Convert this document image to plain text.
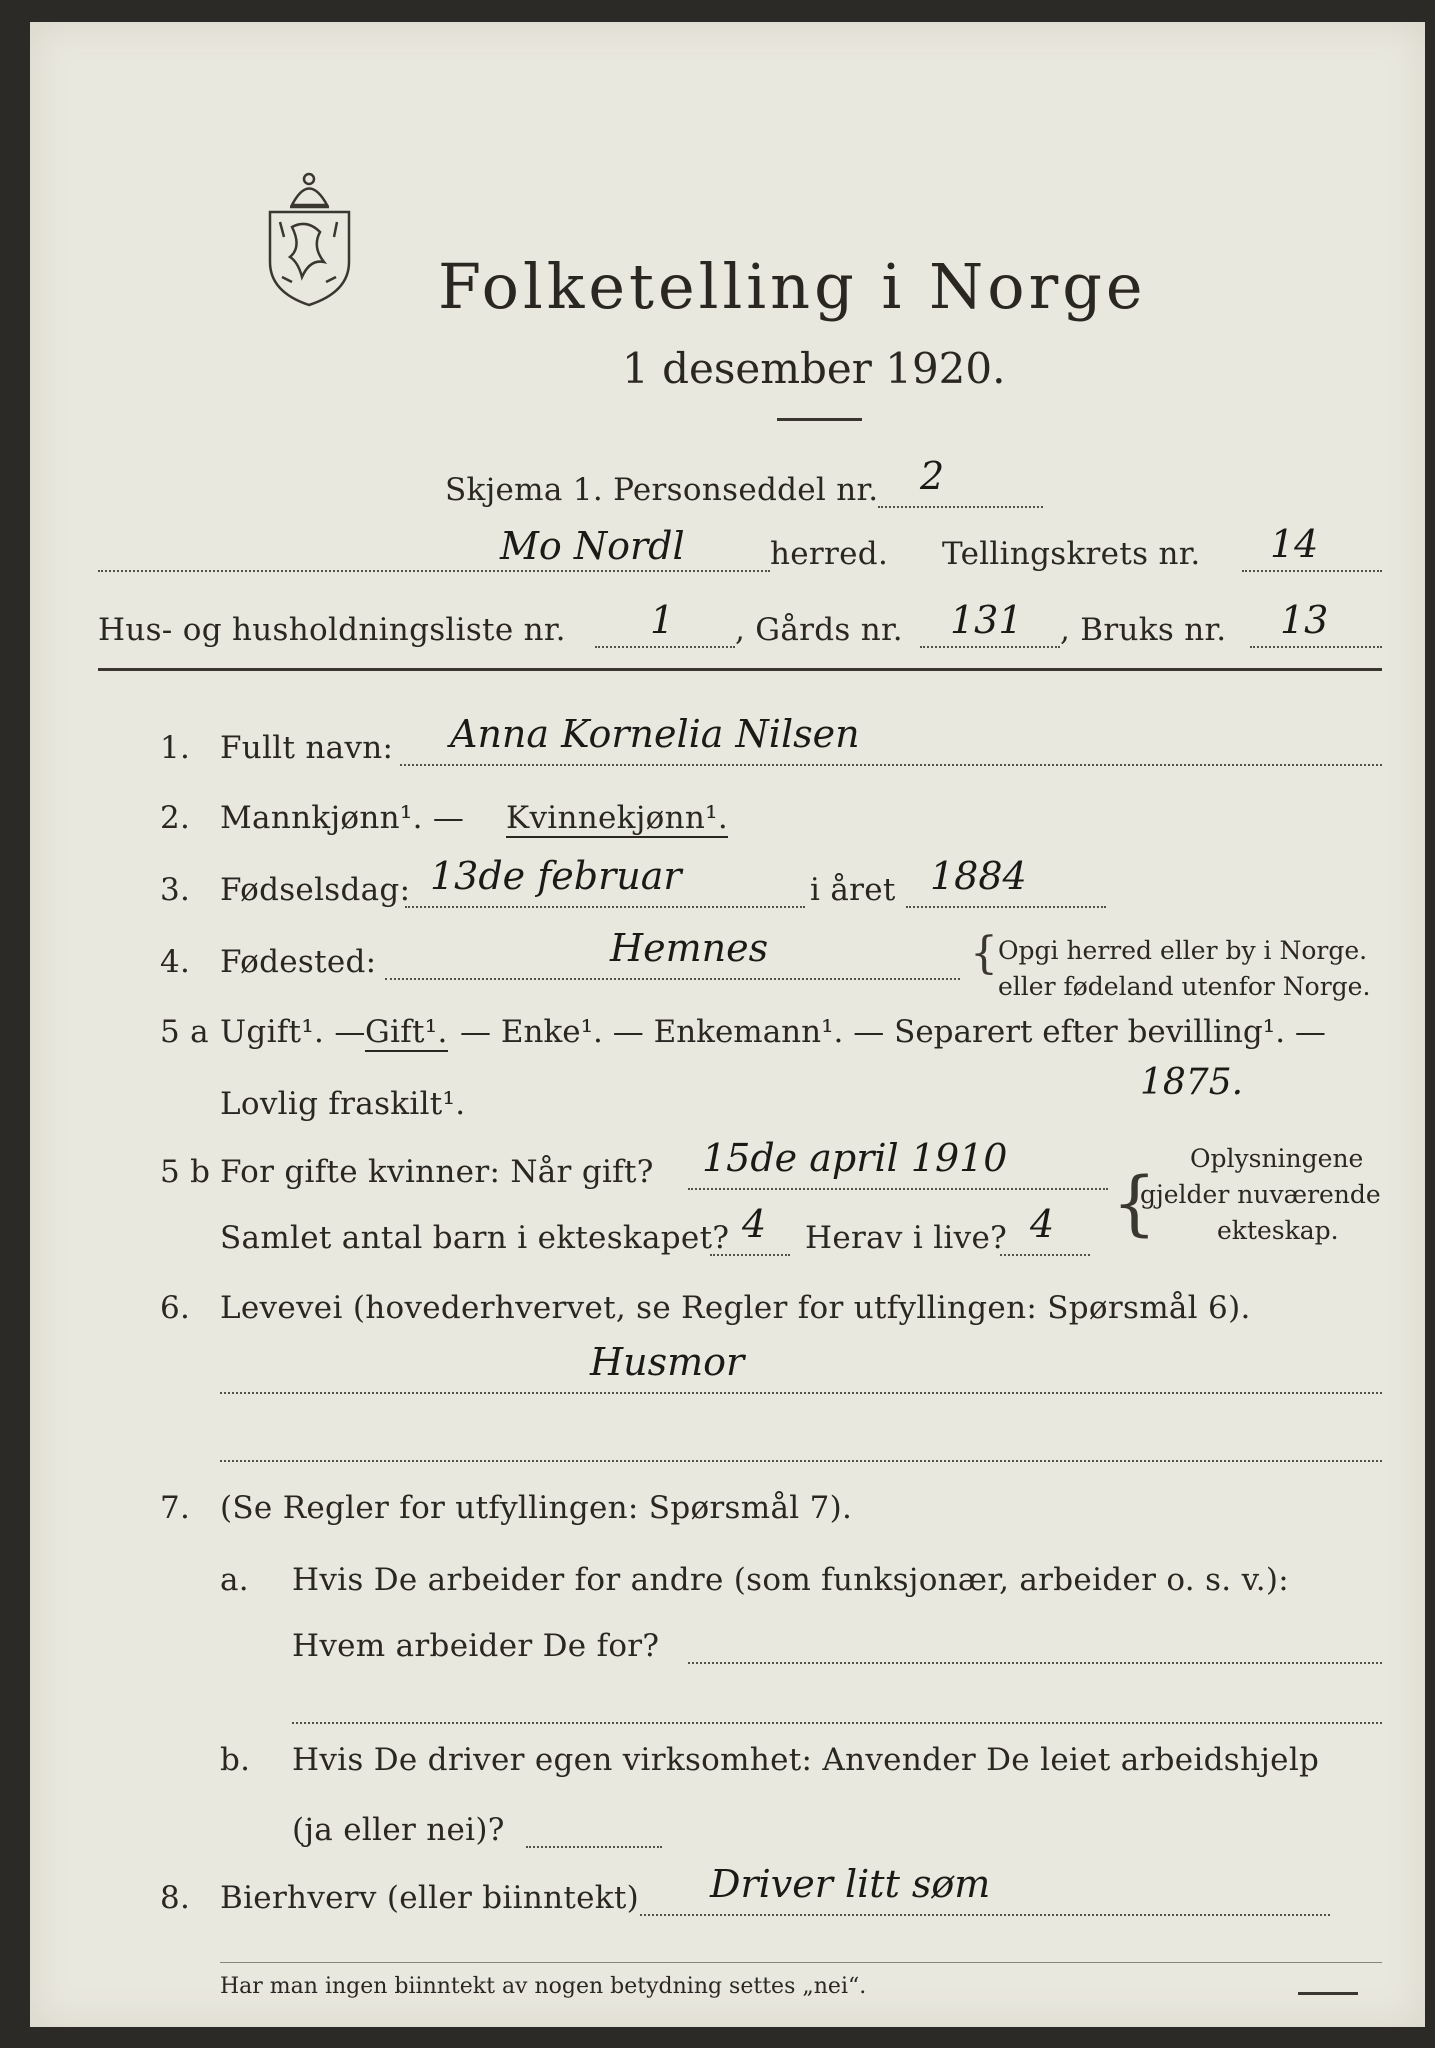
Folketelling i Norge
1 desember 1920.
Skjema 1. Personseddel nr. 2
Mo Nordl	herred. Tellingskrets nr. 14
Hus- og husholdningsliste nr. 1 , Gårds nr. 131 , Bruks nr. 13
1. Fullt navn: Anna Kornelia Nilsen
2. Mannkjønn¹. — Kvinnekjønn¹.
3. Fødselsdag: 13de februar	i året 1884
4. Fødested:	Hemnes	{ Opgi herred eller by i Norge.
eller fødeland utenfor Norge.
5 a Ugift¹. — Gift¹. — Enke¹. — Enkemann¹. — Separert efter bevilling¹. —
Lovlig fraskilt¹.
1875.
5 b For gifte kvinner: Når gift? 15de april 1910
Samlet antal barn i ekteskapet? 4 Herav i live? 4 {
Oplysningene
gjelder nuværende
ekteskap.
6. Levevei (hovederhvervet, se Regler for utfyllingen: Spørsmål 6).
Husmor
7. (Se Regler for utfyllingen: Spørsmål 7).
a. Hvis De arbeider for andre (som funksjonær, arbeider o. s. v.):
Hvem arbeider De for?
b. Hvis De driver egen virksomhet: Anvender De leiet arbeidshjelp
(ja eller nei)?
8. Bierhverv (eller biinntekt) Driver litt søm
Har man ingen biinntekt av nogen betydning settes „nei“.
